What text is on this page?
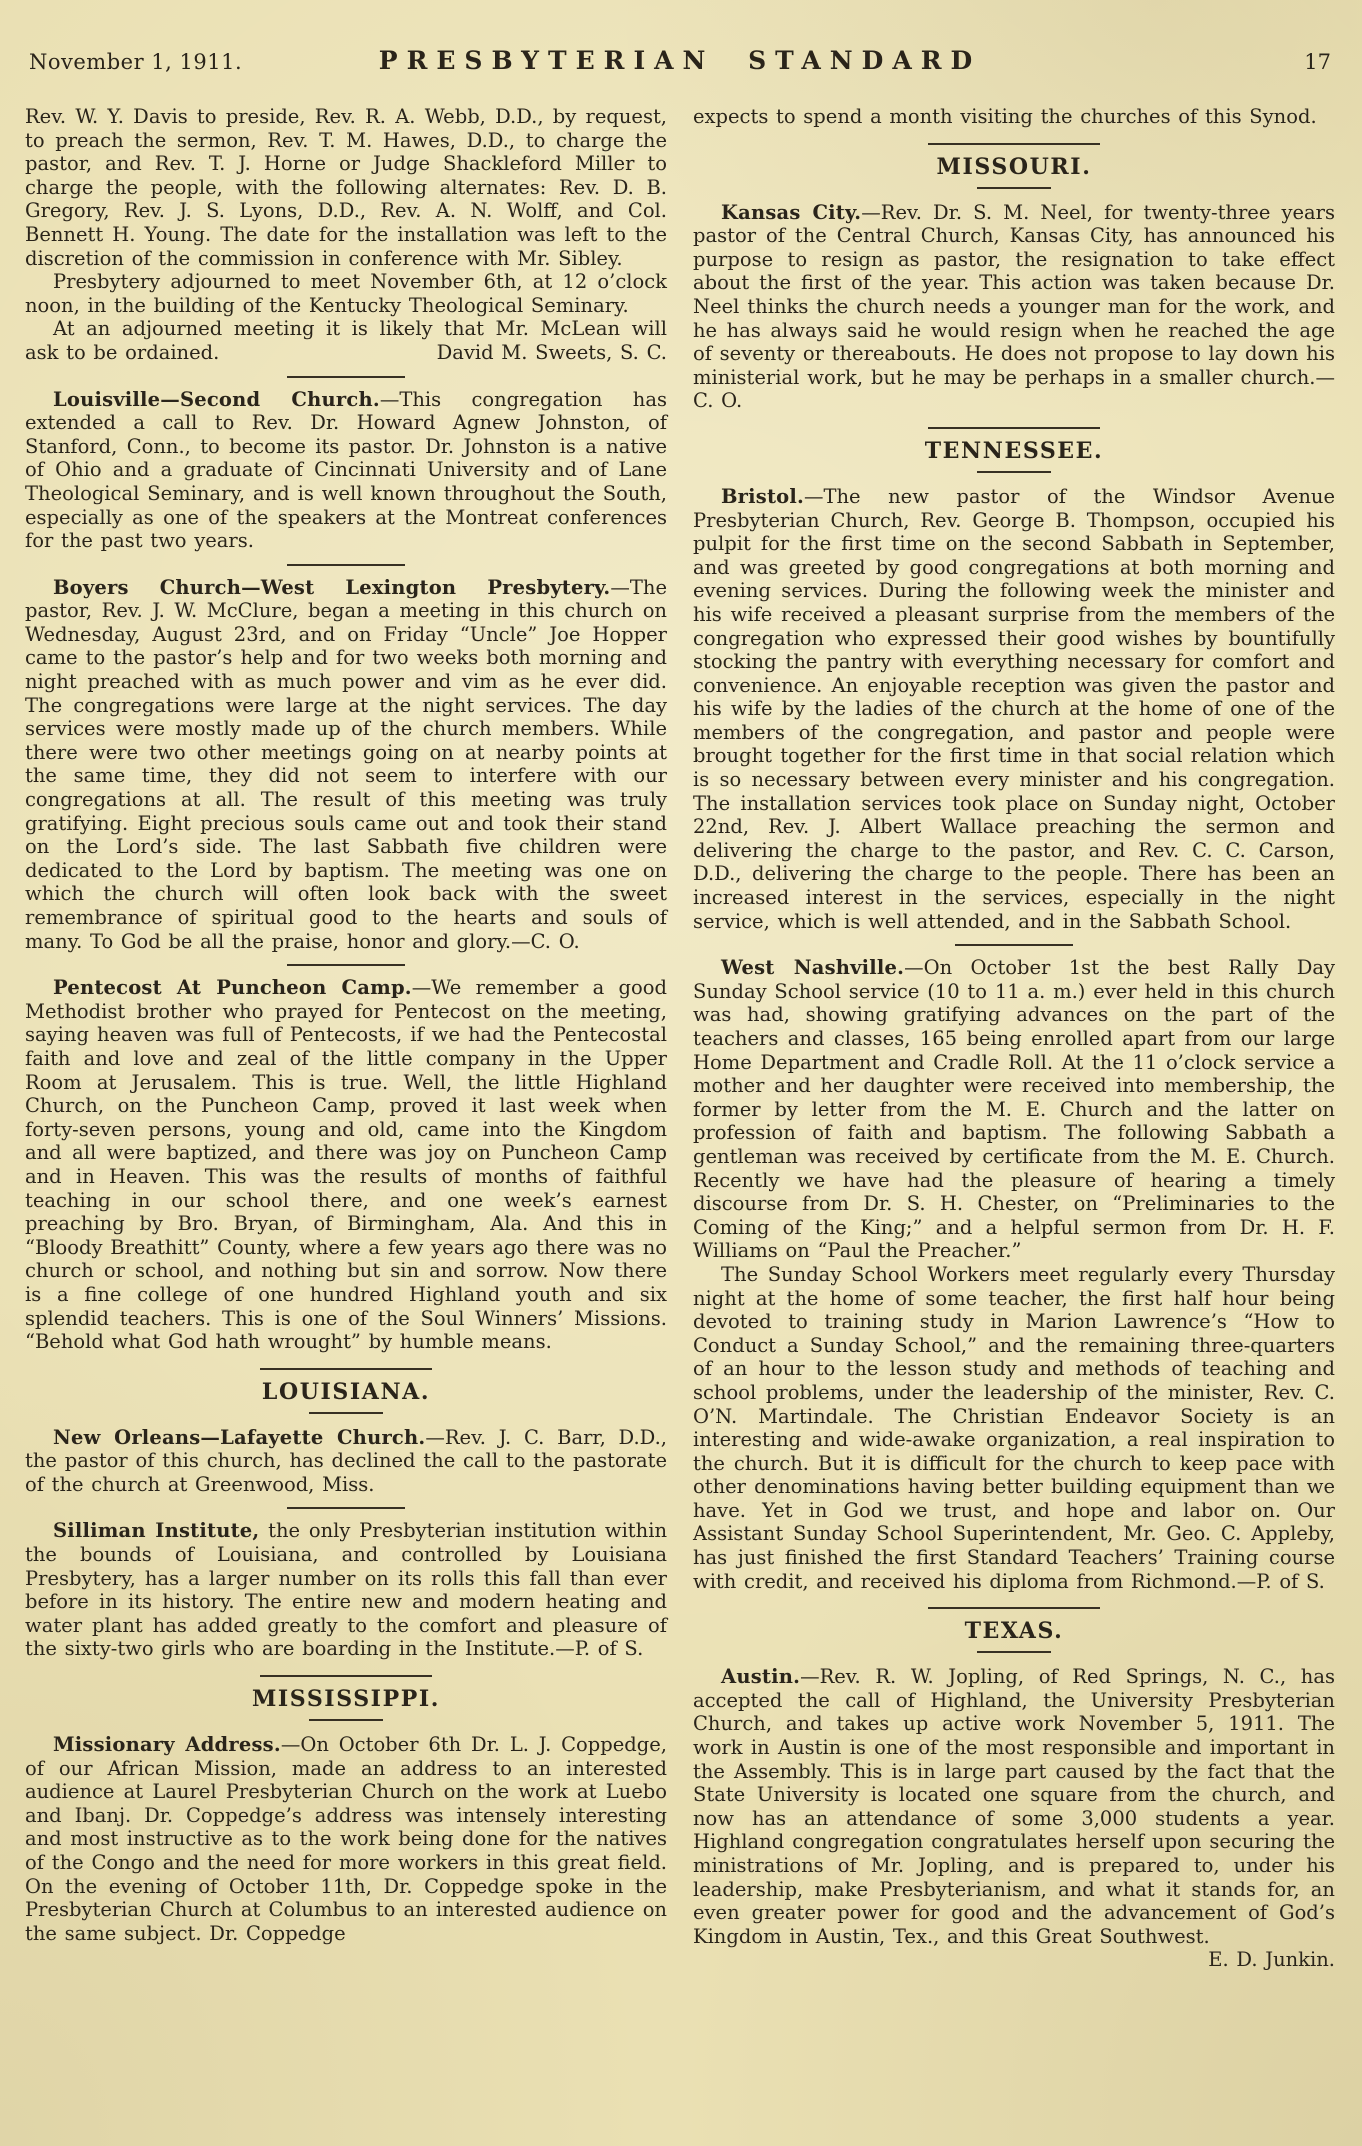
November 1, 1911.	PRESBYTERIAN STANDARD	17

Rev. W. Y. Davis to preside, Rev. R. A. Webb, D.D., by request, to preach the sermon, Rev. T. M. Hawes, D.D., to charge the pastor, and Rev. T. J. Horne or Judge Shackleford Miller to charge the people, with the following alternates: Rev. D. B. Gregory, Rev. J. S. Lyons, D.D., Rev. A. N. Wolff, and Col. Bennett H. Young. The date for the installation was left to the discretion of the commission in conference with Mr. Sibley.

Presbytery adjourned to meet November 6th, at 12 o’clock noon, in the building of the Kentucky Theological Seminary.

At an adjourned meeting it is likely that Mr. McLean will ask to be ordained.	David M. Sweets, S. C.

Louisville—Second Church.—This congregation has extended a call to Rev. Dr. Howard Agnew Johnston, of Stanford, Conn., to become its pastor. Dr. Johnston is a native of Ohio and a graduate of Cincinnati University and of Lane Theological Seminary, and is well known throughout the South, especially as one of the speakers at the Montreat conferences for the past two years.

Boyers Church—West Lexington Presbytery.—The pastor, Rev. J. W. McClure, began a meeting in this church on Wednesday, August 23rd, and on Friday “Uncle” Joe Hopper came to the pastor’s help and for two weeks both morning and night preached with as much power and vim as he ever did. The congregations were large at the night services. The day services were mostly made up of the church members. While there were two other meetings going on at nearby points at the same time, they did not seem to interfere with our congregations at all. The result of this meeting was truly gratifying. Eight precious souls came out and took their stand on the Lord’s side. The last Sabbath five children were dedicated to the Lord by baptism. The meeting was one on which the church will often look back with the sweet remembrance of spiritual good to the hearts and souls of many. To God be all the praise, honor and glory.—C. O.

Pentecost At Puncheon Camp.—We remember a good Methodist brother who prayed for Pentecost on the meeting, saying heaven was full of Pentecosts, if we had the Pentecostal faith and love and zeal of the little company in the Upper Room at Jerusalem. This is true. Well, the little Highland Church, on the Puncheon Camp, proved it last week when forty-seven persons, young and old, came into the Kingdom and all were baptized, and there was joy on Puncheon Camp and in Heaven. This was the results of months of faithful teaching in our school there, and one week’s earnest preaching by Bro. Bryan, of Birmingham, Ala. And this in “Bloody Breathitt” County, where a few years ago there was no church or school, and nothing but sin and sorrow. Now there is a fine college of one hundred Highland youth and six splendid teachers. This is one of the Soul Winners’ Missions. “Behold what God hath wrought” by humble means.

LOUISIANA.

New Orleans—Lafayette Church.—Rev. J. C. Barr, D.D., the pastor of this church, has declined the call to the pastorate of the church at Greenwood, Miss.

Silliman Institute, the only Presbyterian institution within the bounds of Louisiana, and controlled by Louisiana Presbytery, has a larger number on its rolls this fall than ever before in its history. The entire new and modern heating and water plant has added greatly to the comfort and pleasure of the sixty-two girls who are boarding in the Institute.—P. of S.

MISSISSIPPI.

Missionary Address.—On October 6th Dr. L. J. Coppedge, of our African Mission, made an address to an interested audience at Laurel Presbyterian Church on the work at Luebo and Ibanj. Dr. Coppedge’s address was intensely interesting and most instructive as to the work being done for the natives of the Congo and the need for more workers in this great field. On the evening of October 11th, Dr. Coppedge spoke in the Presbyterian Church at Columbus to an interested audience on the same subject. Dr. Coppedge

expects to spend a month visiting the churches of this Synod.

MISSOURI.

Kansas City.—Rev. Dr. S. M. Neel, for twenty-three years pastor of the Central Church, Kansas City, has announced his purpose to resign as pastor, the resignation to take effect about the first of the year. This action was taken because Dr. Neel thinks the church needs a younger man for the work, and he has always said he would resign when he reached the age of seventy or thereabouts. He does not propose to lay down his ministerial work, but he may be perhaps in a smaller church.—C. O.

TENNESSEE.

Bristol.—The new pastor of the Windsor Avenue Presbyterian Church, Rev. George B. Thompson, occupied his pulpit for the first time on the second Sabbath in September, and was greeted by good congregations at both morning and evening services. During the following week the minister and his wife received a pleasant surprise from the members of the congregation who expressed their good wishes by bountifully stocking the pantry with everything necessary for comfort and convenience. An enjoyable reception was given the pastor and his wife by the ladies of the church at the home of one of the members of the congregation, and pastor and people were brought together for the first time in that social relation which is so necessary between every minister and his congregation. The installation services took place on Sunday night, October 22nd, Rev. J. Albert Wallace preaching the sermon and delivering the charge to the pastor, and Rev. C. C. Carson, D.D., delivering the charge to the people. There has been an increased interest in the services, especially in the night service, which is well attended, and in the Sabbath School.

West Nashville.—On October 1st the best Rally Day Sunday School service (10 to 11 a. m.) ever held in this church was had, showing gratifying advances on the part of the teachers and classes, 165 being enrolled apart from our large Home Department and Cradle Roll. At the 11 o’clock service a mother and her daughter were received into membership, the former by letter from the M. E. Church and the latter on profession of faith and baptism. The following Sabbath a gentleman was received by certificate from the M. E. Church. Recently we have had the pleasure of hearing a timely discourse from Dr. S. H. Chester, on “Preliminaries to the Coming of the King;” and a helpful sermon from Dr. H. F. Williams on “Paul the Preacher.”

The Sunday School Workers meet regularly every Thursday night at the home of some teacher, the first half hour being devoted to training study in Marion Lawrence’s “How to Conduct a Sunday School,” and the remaining three-quarters of an hour to the lesson study and methods of teaching and school problems, under the leadership of the minister, Rev. C. O’N. Martindale. The Christian Endeavor Society is an interesting and wide-awake organization, a real inspiration to the church. But it is difficult for the church to keep pace with other denominations having better building equipment than we have. Yet in God we trust, and hope and labor on. Our Assistant Sunday School Superintendent, Mr. Geo. C. Appleby, has just finished the first Standard Teachers’ Training course with credit, and received his diploma from Richmond.—P. of S.

TEXAS.

Austin.—Rev. R. W. Jopling, of Red Springs, N. C., has accepted the call of Highland, the University Presbyterian Church, and takes up active work November 5, 1911. The work in Austin is one of the most responsible and important in the Assembly. This is in large part caused by the fact that the State University is located one square from the church, and now has an attendance of some 3,000 students a year. Highland congregation congratulates herself upon securing the ministrations of Mr. Jopling, and is prepared to, under his leadership, make Presbyterianism, and what it stands for, an even greater power for good and the advancement of God’s Kingdom in Austin, Tex., and this Great Southwest.
E. D. Junkin.
